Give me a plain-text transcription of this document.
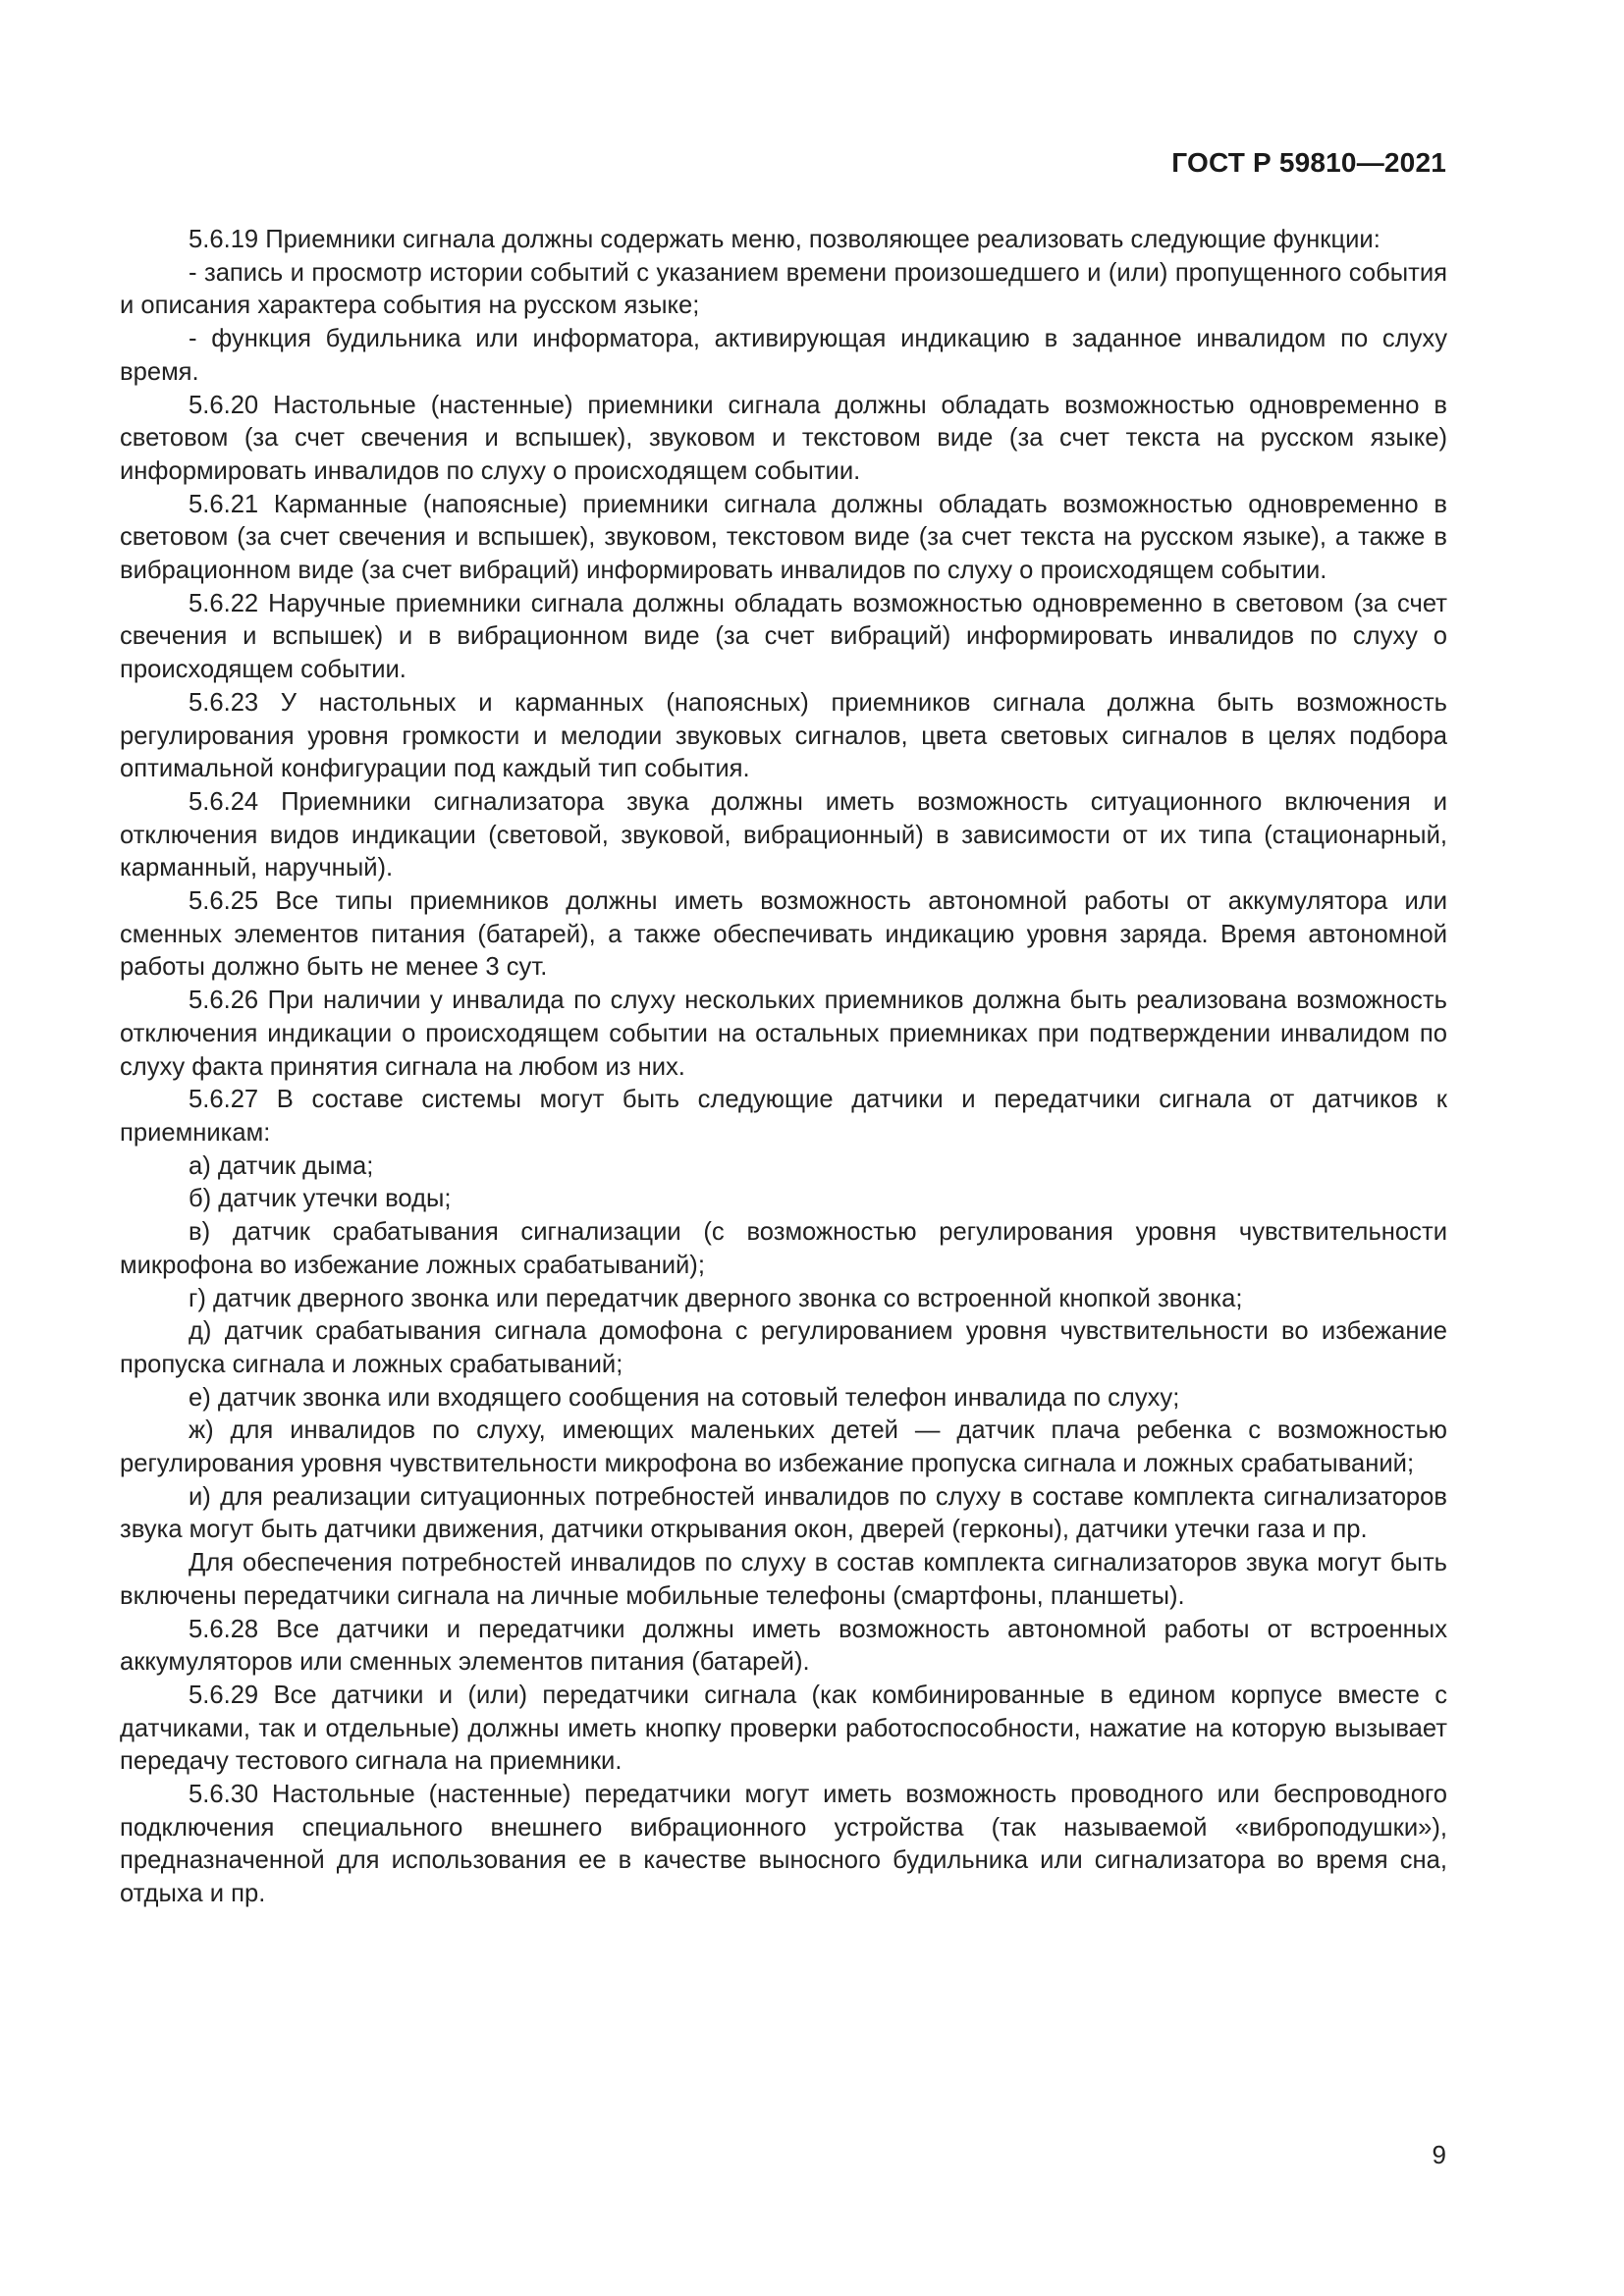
ГОСТ Р 59810—2021

5.6.19 Приемники сигнала должны содержать меню, позволяющее реализовать следующие функции:

- запись и просмотр истории событий с указанием времени произошедшего и (или) пропущенного события и описания характера события на русском языке;

- функция будильника или информатора, активирующая индикацию в заданное инвалидом по слуху время.

5.6.20 Настольные (настенные) приемники сигнала должны обладать возможностью одновременно в световом (за счет свечения и вспышек), звуковом и текстовом виде (за счет текста на русском языке) информировать инвалидов по слуху о происходящем событии.

5.6.21 Карманные (напоясные) приемники сигнала должны обладать возможностью одновременно в световом (за счет свечения и вспышек), звуковом, текстовом виде (за счет текста на русском языке), а также в вибрационном виде (за счет вибраций) информировать инвалидов по слуху о происходящем событии.

5.6.22 Наручные приемники сигнала должны обладать возможностью одновременно в световом (за счет свечения и вспышек) и в вибрационном виде (за счет вибраций) информировать инвалидов по слуху о происходящем событии.

5.6.23 У настольных и карманных (напоясных) приемников сигнала должна быть возможность регулирования уровня громкости и мелодии звуковых сигналов, цвета световых сигналов в целях подбора оптимальной конфигурации под каждый тип события.

5.6.24 Приемники сигнализатора звука должны иметь возможность ситуационного включения и отключения видов индикации (световой, звуковой, вибрационный) в зависимости от их типа (стационарный, карманный, наручный).

5.6.25 Все типы приемников должны иметь возможность автономной работы от аккумулятора или сменных элементов питания (батарей), а также обеспечивать индикацию уровня заряда. Время автономной работы должно быть не менее 3 сут.

5.6.26 При наличии у инвалида по слуху нескольких приемников должна быть реализована возможность отключения индикации о происходящем событии на остальных приемниках при подтверждении инвалидом по слуху факта принятия сигнала на любом из них.

5.6.27 В составе системы могут быть следующие датчики и передатчики сигнала от датчиков к приемникам:

а) датчик дыма;

б) датчик утечки воды;

в) датчик срабатывания сигнализации (с возможностью регулирования уровня чувствительности микрофона во избежание ложных срабатываний);

г) датчик дверного звонка или передатчик дверного звонка со встроенной кнопкой звонка;

д) датчик срабатывания сигнала домофона с регулированием уровня чувствительности во избежание пропуска сигнала и ложных срабатываний;

е) датчик звонка или входящего сообщения на сотовый телефон инвалида по слуху;

ж) для инвалидов по слуху, имеющих маленьких детей — датчик плача ребенка с возможностью регулирования уровня чувствительности микрофона во избежание пропуска сигнала и ложных срабатываний;

и) для реализации ситуационных потребностей инвалидов по слуху в составе комплекта сигнализаторов звука могут быть датчики движения, датчики открывания окон, дверей (герконы), датчики утечки газа и пр.

Для обеспечения потребностей инвалидов по слуху в состав комплекта сигнализаторов звука могут быть включены передатчики сигнала на личные мобильные телефоны (смартфоны, планшеты).

5.6.28 Все датчики и передатчики должны иметь возможность автономной работы от встроенных аккумуляторов или сменных элементов питания (батарей).

5.6.29 Все датчики и (или) передатчики сигнала (как комбинированные в едином корпусе вместе с датчиками, так и отдельные) должны иметь кнопку проверки работоспособности, нажатие на которую вызывает передачу тестового сигнала на приемники.

5.6.30 Настольные (настенные) передатчики могут иметь возможность проводного или беспроводного подключения специального внешнего вибрационного устройства (так называемой «виброподушки»), предназначенной для использования ее в качестве выносного будильника или сигнализатора во время сна, отдыха и пр.

9
